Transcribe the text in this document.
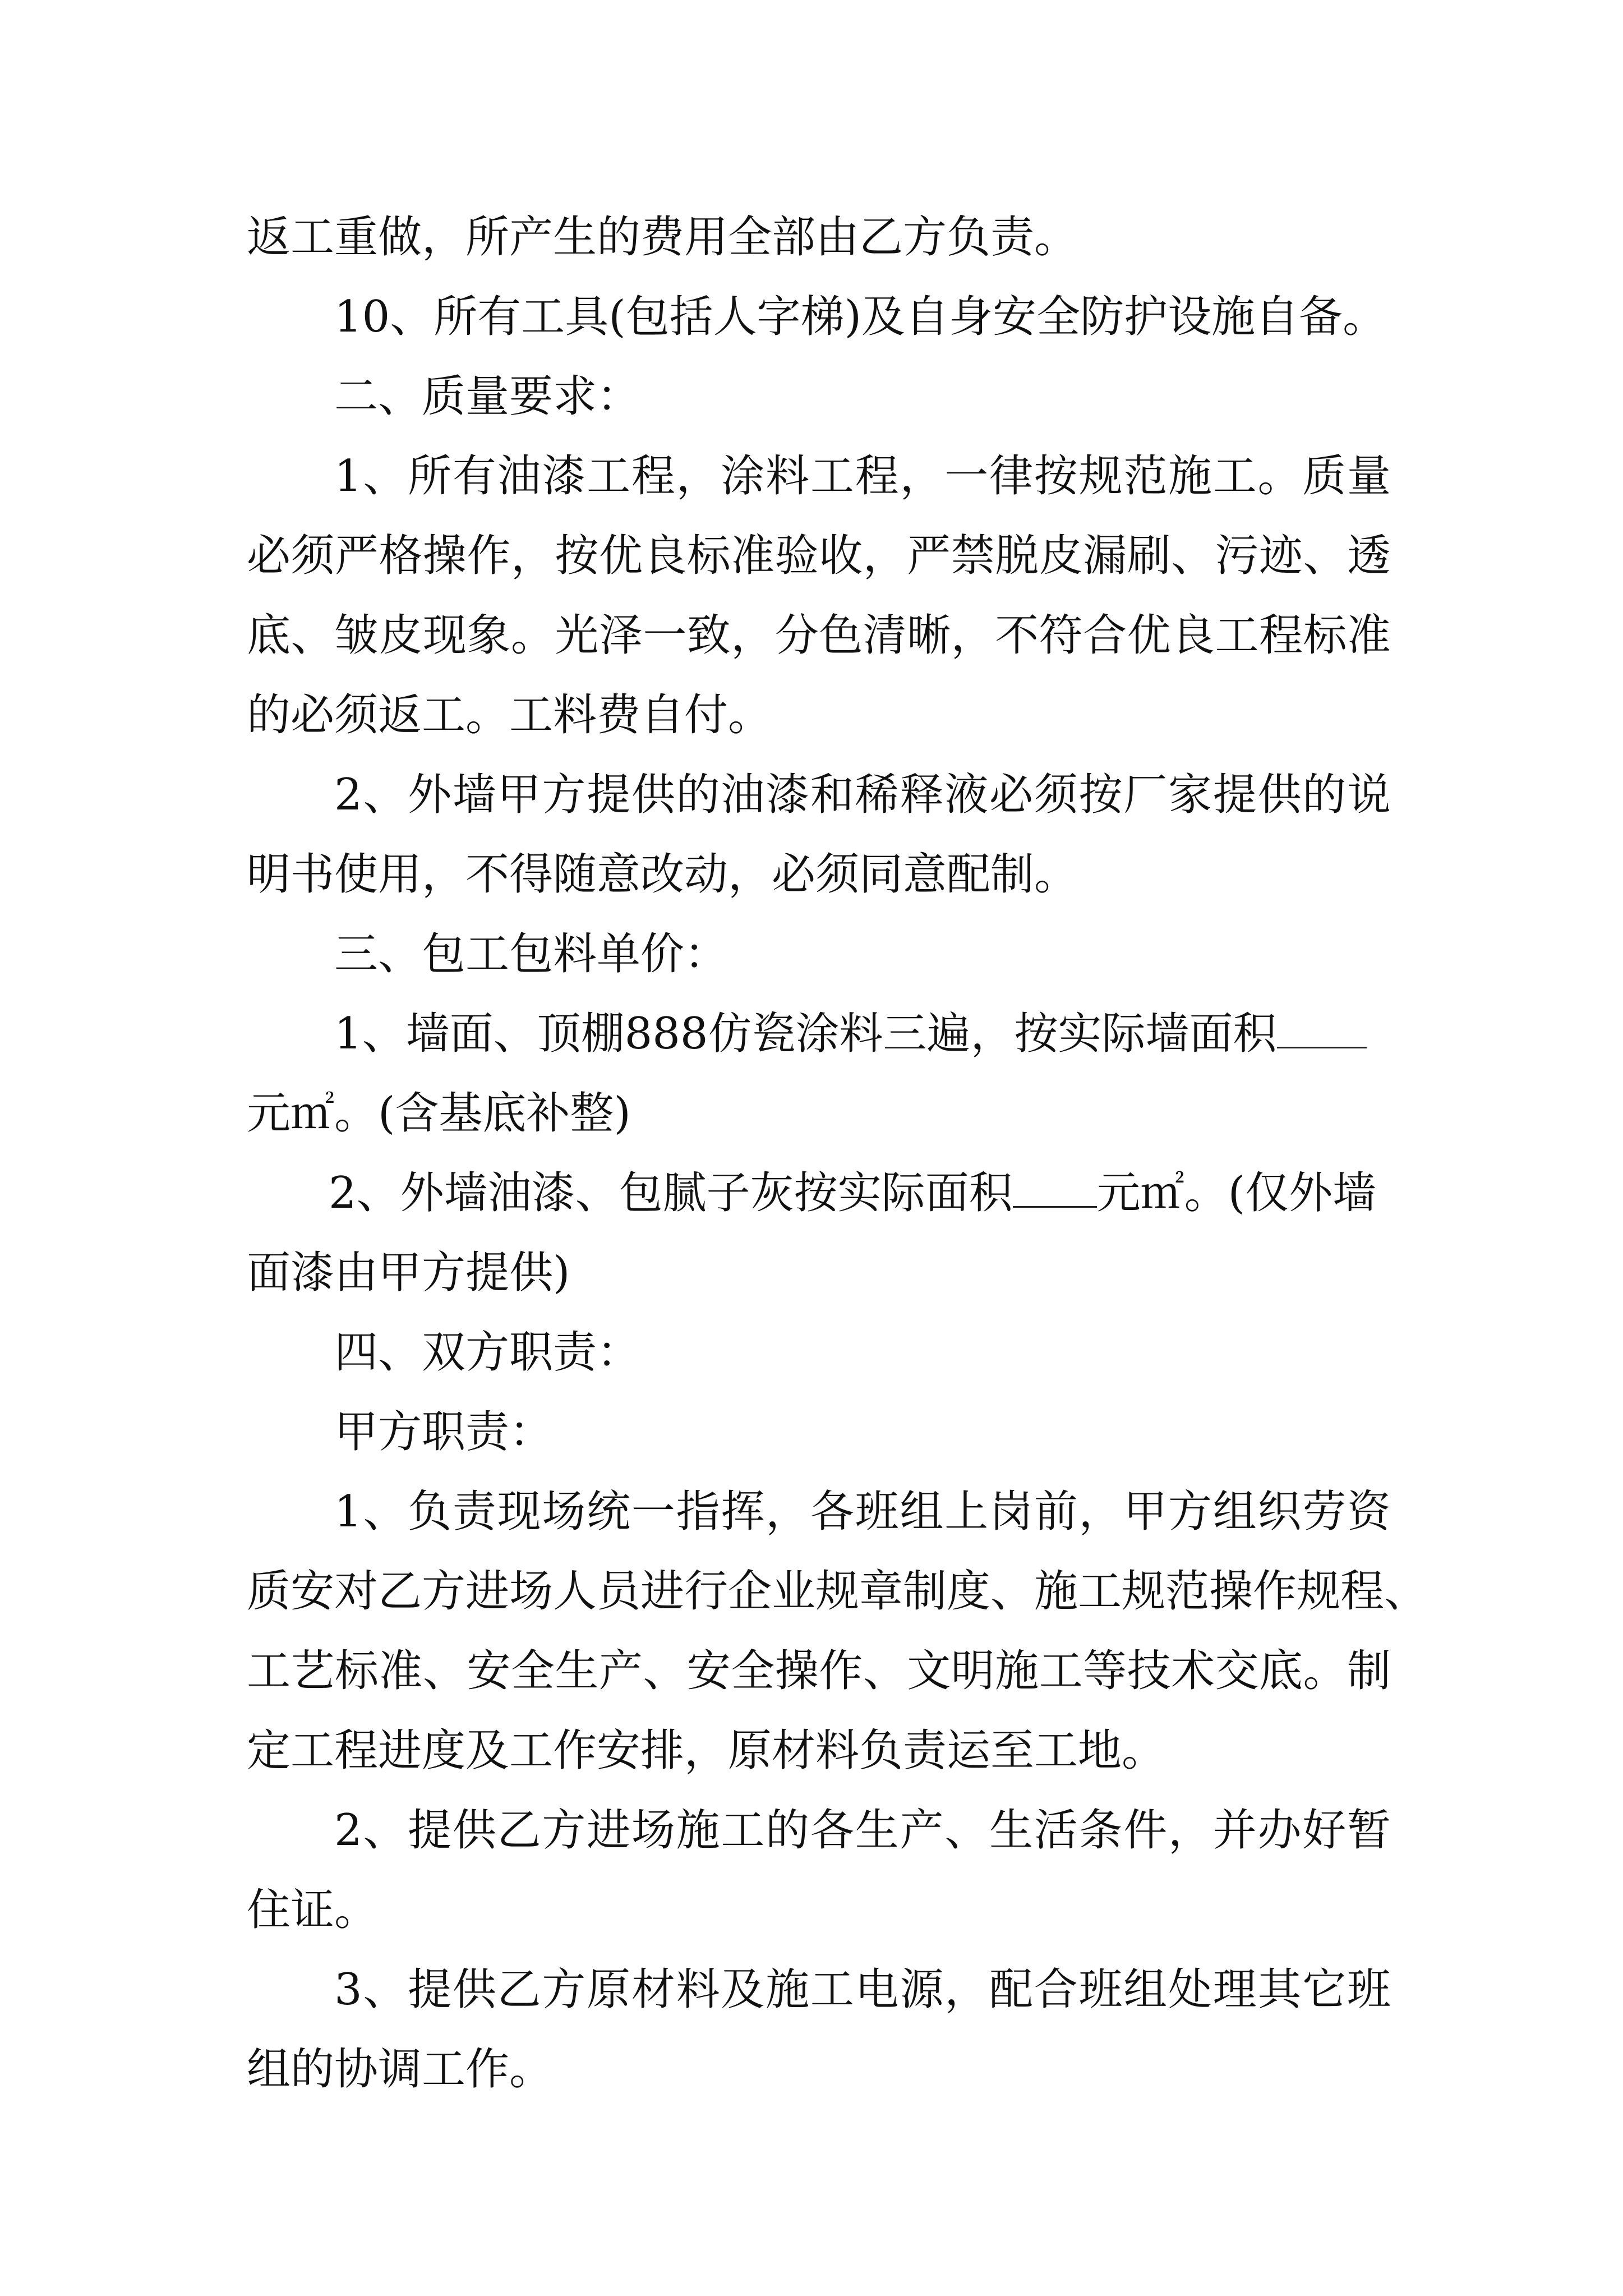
返工重做，所产生的费用全部由乙方负责。
10、所有工具(包括人字梯)及自身安全防护设施自备。
二、质量要求：
1、所有油漆工程，涂料工程，一律按规范施工。质量
必须严格操作，按优良标准验收，严禁脱皮漏刷、污迹、透
底、皱皮现象。光泽一致，分色清晰，不符合优良工程标准
的必须返工。工料费自付。
2、外墙甲方提供的油漆和稀释液必须按厂家提供的说
明书使用，不得随意改动，必须同意配制。
三、包工包料单价：
1、墙面、顶棚888仿瓷涂料三遍，按实际墙面积
元㎡。(含基底补整)
2、外墙油漆、包腻子灰按实际面积 元㎡。(仅外墙
面漆由甲方提供)
四、双方职责：
甲方职责：
1、负责现场统一指挥，各班组上岗前，甲方组织劳资
质安对乙方进场人员进行企业规章制度、施工规范操作规程、
工艺标准、安全生产、安全操作、文明施工等技术交底。制
定工程进度及工作安排，原材料负责运至工地。
2、提供乙方进场施工的各生产、生活条件，并办好暂
住证。
3、提供乙方原材料及施工电源，配合班组处理其它班
组的协调工作。
